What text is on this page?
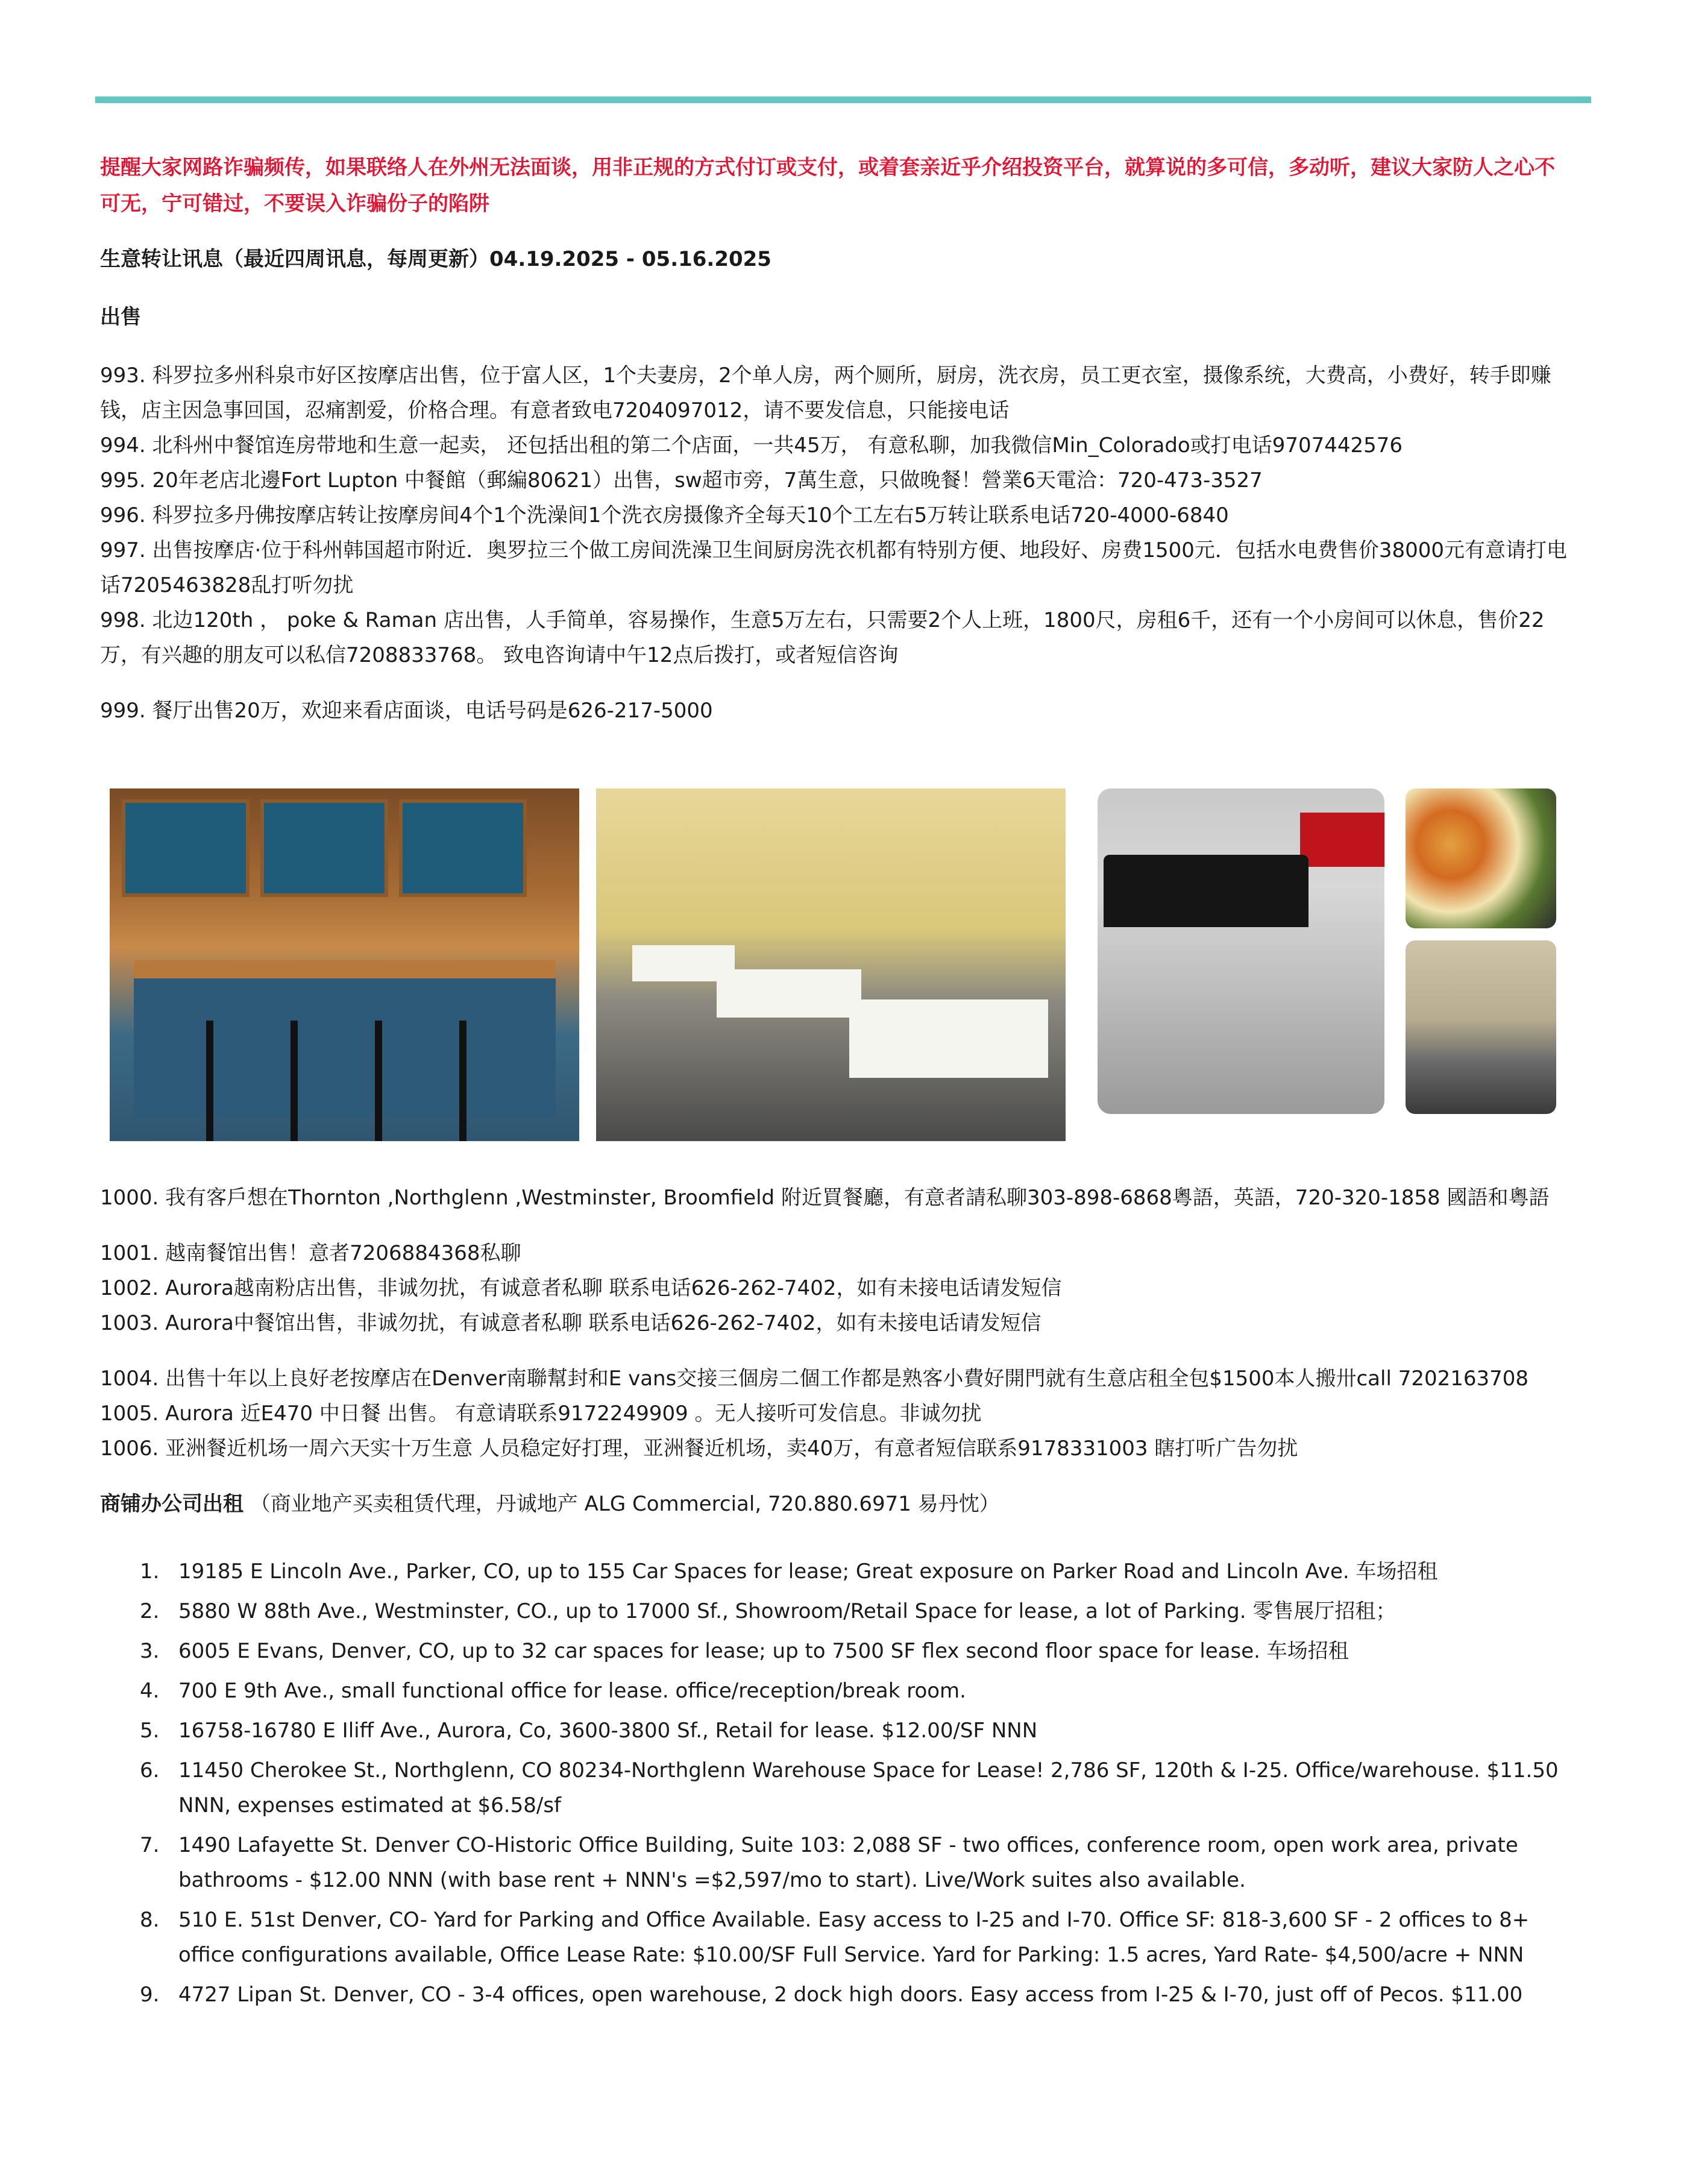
提醒大家网路诈骗频传，如果联络人在外州无法面谈，用非正规的方式付订或支付，或着套亲近乎介绍投资平台，就算说的多可信，多动听，建议大家防人之心不可无，宁可错过，不要误入诈骗份子的陷阱

生意转让讯息（最近四周讯息，每周更新）04.19.2025 - 05.16.2025

出售

993. 科罗拉多州科泉市好区按摩店出售，位于富人区，1个夫妻房，2个单人房，两个厕所，厨房，洗衣房，员工更衣室，摄像系统，大费高，小费好，转手即赚钱，店主因急事回国，忍痛割爱，价格合理。有意者致电7204097012，请不要发信息，只能接电话

994. 北科州中餐馆连房带地和生意一起卖， 还包括出租的第二个店面，一共45万， 有意私聊，加我微信Min_Colorado或打电话9707442576

995. 20年老店北邊Fort Lupton 中餐館（郵編80621）出售，sw超市旁，7萬生意，只做晚餐！營業6天電洽：720-473-3527

996. 科罗拉多丹佛按摩店转让按摩房间4个1个洗澡间1个洗衣房摄像齐全每天10个工左右5万转让联系电话720-4000-6840

997. 出售按摩店·位于科州韩国超市附近．奥罗拉三个做工房间洗澡卫生间厨房洗衣机都有特别方便、地段好、房费1500元．包括水电费售价38000元有意请打电话7205463828乱打听勿扰

998. 北边120th ， poke & Raman 店出售，人手简单，容易操作，生意5万左右，只需要2个人上班，1800尺，房租6千，还有一个小房间可以休息，售价22万，有兴趣的朋友可以私信7208833768。 致电咨询请中午12点后拨打，或者短信咨询

999. 餐厅出售20万，欢迎来看店面谈，电话号码是626-217-5000

1000. 我有客戶想在Thornton ,Northglenn ,Westminster, Broomfield 附近買餐廳，有意者請私聊303-898-6868粵語，英語，720-320-1858 國語和粵語

1001. 越南餐馆出售！意者7206884368私聊

1002. Aurora越南粉店出售，非诚勿扰，有诚意者私聊 联系电话626-262-7402，如有未接电话请发短信

1003. Aurora中餐馆出售，非诚勿扰，有诚意者私聊 联系电话626-262-7402，如有未接电话请发短信

1004. 出售十年以上良好老按摩店在Denver南聯幫封和E vans交接三個房二個工作都是熟客小費好開門就有生意店租全包$1500本人搬卅call 7202163708

1005. Aurora 近E470 中日餐 出售。 有意请联系9172249909 。无人接听可发信息。非诚勿扰

1006. 亚洲餐近机场一周六天实十万生意 人员稳定好打理，亚洲餐近机场，卖40万，有意者短信联系9178331003 瞎打听广告勿扰

商铺办公司出租 （商业地产买卖租赁代理，丹诚地产 ALG Commercial, 720.880.6971 易丹忱）

1. 19185 E Lincoln Ave., Parker, CO, up to 155 Car Spaces for lease; Great exposure on Parker Road and Lincoln Ave. 车场招租
2. 5880 W 88th Ave., Westminster, CO., up to 17000 Sf., Showroom/Retail Space for lease, a lot of Parking. 零售展厅招租；
3. 6005 E Evans, Denver, CO, up to 32 car spaces for lease; up to 7500 SF flex second floor space for lease. 车场招租
4. 700 E 9th Ave., small functional office for lease. office/reception/break room.
5. 16758-16780 E Iliff Ave., Aurora, Co, 3600-3800 Sf., Retail for lease. $12.00/SF NNN
6. 11450 Cherokee St., Northglenn, CO 80234-Northglenn Warehouse Space for Lease! 2,786 SF, 120th & I-25. Office/warehouse. $11.50 NNN, expenses estimated at $6.58/sf
7. 1490 Lafayette St. Denver CO-Historic Office Building, Suite 103: 2,088 SF - two offices, conference room, open work area, private bathrooms - $12.00 NNN (with base rent + NNN's =$2,597/mo to start). Live/Work suites also available.
8. 510 E. 51st Denver, CO- Yard for Parking and Office Available. Easy access to I-25 and I-70. Office SF: 818-3,600 SF - 2 offices to 8+ office configurations available, Office Lease Rate: $10.00/SF Full Service. Yard for Parking: 1.5 acres, Yard Rate- $4,500/acre + NNN
9. 4727 Lipan St. Denver, CO - 3-4 offices, open warehouse, 2 dock high doors. Easy access from I-25 & I-70, just off of Pecos. $11.00
